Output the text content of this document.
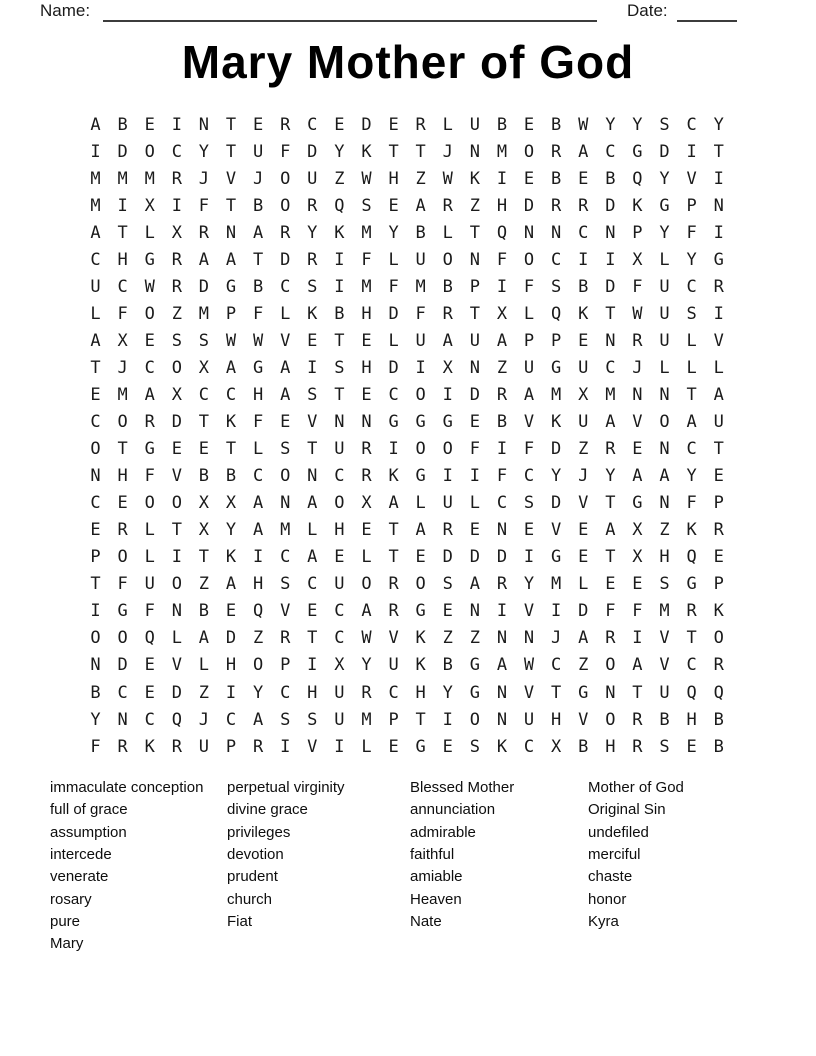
Name:	Date:
Mary Mother of God
A B E I N T E R C E D E R L U B E B W Y Y S C Y
I D O C Y T U F D Y K T T J N M O R A C G D I T
M M M R J V J O U Z W H Z W K I E B E B Q Y V I
M I X I F T B O R Q S E A R Z H D R R D K G P N
A T L X R N A R Y K M Y B L T Q N N C N P Y F I
C H G R A A T D R I F L U O N F O C I I X L Y G
U C W R D G B C S I M F M B P I F S B D F U C R
L F O Z M P F L K B H D F R T X L Q K T W U S I
A X E S S W W V E T E L U A U A P P E N R U L V
T J C O X A G A I S H D I X N Z U G U C J L L L
E M A X C C H A S T E C O I D R A M X M N N T A
C O R D T K F E V N N G G G E B V K U A V O A U
O T G E E T L S T U R I O O F I F D Z R E N C T
N H F V B B C O N C R K G I I F C Y J Y A A Y E
C E O O X X A N A O X A L U L C S D V T G N F P
E R L T X Y A M L H E T A R E N E V E A X Z K R
P O L I T K I C A E L T E D D D I G E T X H Q E
T F U O Z A H S C U O R O S A R Y M L E E S G P
I G F N B E Q V E C A R G E N I V I D F F M R K
O O Q L A D Z R T C W V K Z Z N N J A R I V T O
N D E V L H O P I X Y U K B G A W C Z O A V C R
B C E D Z I Y C H U R C H Y G N V T G N T U Q Q
Y N C Q J C A S S U M P T I O N U H V O R B H B
F R K R U P R I V I L E G E S K C X B H R S E B
immaculate conception
full of grace
assumption
intercede
venerate
rosary
pure
Mary
perpetual virginity
divine grace
privileges
devotion
prudent
church
Fiat
Blessed Mother
annunciation
admirable
faithful
amiable
Heaven
Nate
Mother of God
Original Sin
undefiled
merciful
chaste
honor
Kyra
